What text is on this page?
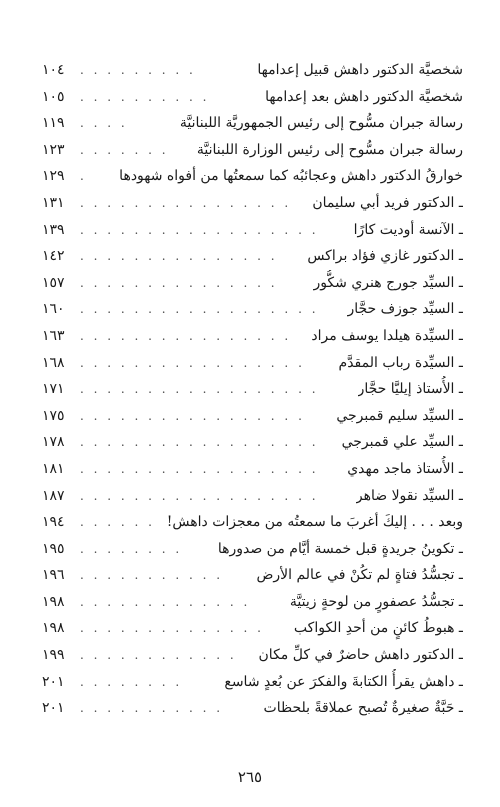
شخصيَّة الدكتور داهش قبيل إعدامها
. . . . . . . . .
١٠٤
شخصيَّة الدكتور داهش بعد إعدامها
. . . . . . . . . .
١٠٥
رسالة جبران مسُّوح إلى رئيس الجمهوريَّة اللبنانيَّة
. . . .
١١٩
رسالة جبران مسُّوح إلى رئيس الوزارة اللبنانيَّة
. . . . . . .
١٢٣
خوارقُ الدكتور داهش وعجائبُه كما سمعتُها من أفواه شهودها
.
١٢٩
ـ الدكتور فريد أبي سليمان
. . . . . . . . . . . . . . . .
١٣١
ـ الآنسة أوديت كارًا
. . . . . . . . . . . . . . . . . .
١٣٩
ـ الدكتور غازي فؤاد براكس
. . . . . . . . . . . . . . .
١٤٢
ـ السيِّد جورج هنري شكُّور
. . . . . . . . . . . . . . .
١٥٧
ـ السيِّد جوزف حجَّار
. . . . . . . . . . . . . . . . . .
١٦٠
ـ السيِّدة هيلدا يوسف مراد
. . . . . . . . . . . . . . . .
١٦٣
ـ السيِّدة رباب المقدَّم
. . . . . . . . . . . . . . . . .
١٦٨
ـ الأُستاذ إيليَّا حجَّار
. . . . . . . . . . . . . . . . . .
١٧١
ـ السيِّد سليم قمبرجي
. . . . . . . . . . . . . . . . .
١٧٥
ـ السيِّد علي قمبرجي
. . . . . . . . . . . . . . . . . .
١٧٨
ـ الأُستاذ ماجد مهدي
. . . . . . . . . . . . . . . . . .
١٨١
ـ السيِّد نقولا ضاهر
. . . . . . . . . . . . . . . . . .
١٨٧
وبعد . . . إليكَ أغربَ ما سمعتُه من معجزات داهش!
. . . . . .
١٩٤
ـ تكوينُ جريدةٍ قبل خمسة أيَّام من صدورها
. . . . . . . .
١٩٥
ـ تجسُّدُ فتاةٍ لم تكُنْ في عالم الأرض
. . . . . . . . . . .
١٩٦
ـ تجسُّدُ عصفورٍ من لوحةٍ زيتيَّة
. . . . . . . . . . . . .
١٩٨
ـ هبوطُ كائنٍ من أحدِ الكواكب
. . . . . . . . . . . . . .
١٩٨
ـ الدكتور داهش حاضرٌ في كلِّ مكان
. . . . . . . . . . . .
١٩٩
ـ داهش يقرأُ الكتابةَ والفكرَ عن بُعدٍ شاسع
. . . . . . . .
٢٠١
ـ حَبَّةٌ صغيرةٌ تُصبح عملاقةً بلحظات
. . . . . . . . . . .
٢٠١
٢٦٥
